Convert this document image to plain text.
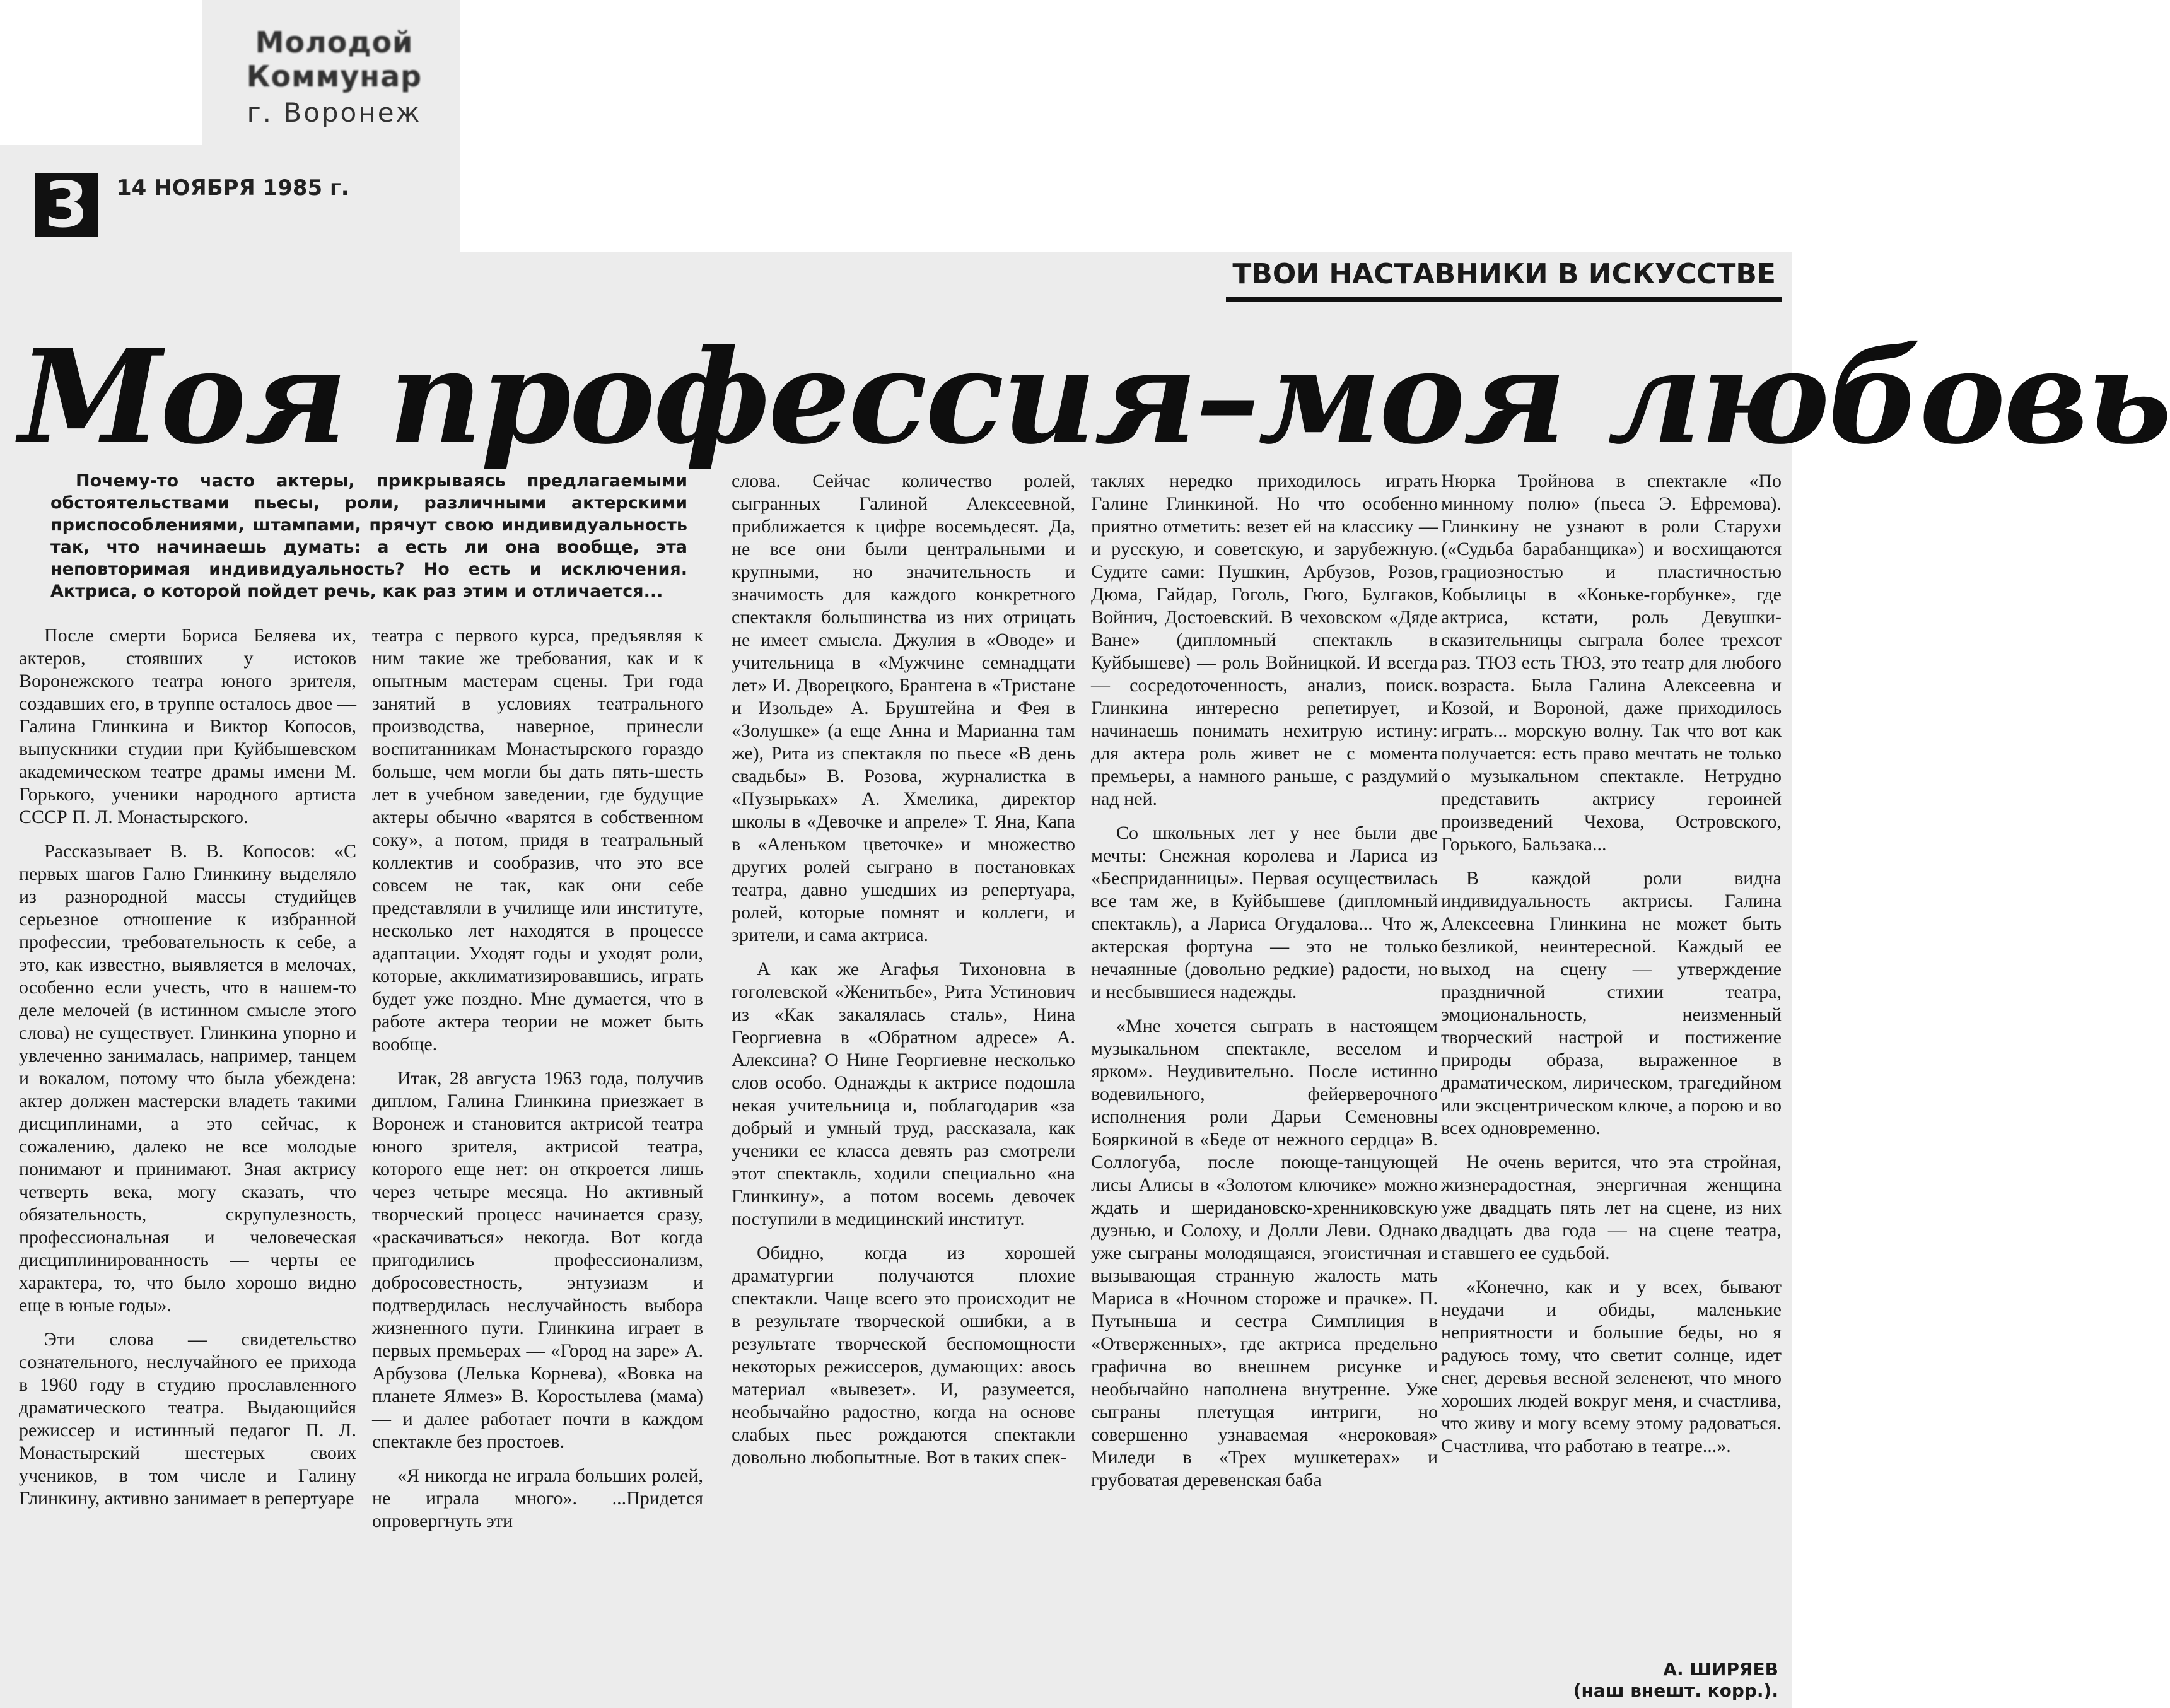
Молодой Коммунар
г. Воронеж
3	14 НОЯБРЯ 1985 г.
ТВОИ НАСТАВНИКИ В ИСКУССТВЕ
Моя профессия–моя любовь
Почему-то часто актеры, прикрываясь предлагаемыми обстоятельствами пьесы, роли, различными актерскими приспособлениями, штампами, прячут свою индивидуальность так, что начинаешь думать: а есть ли она вообще, эта неповторимая индивидуальность? Но есть и исключения. Актриса, о которой пойдет речь, как раз этим и отличается...

После смерти Бориса Беляева их, актеров, стоявших у истоков Воронежского театра юного зрителя, создавших его, в труппе осталось двое — Галина Глинкина и Виктор Копосов, выпускники студии при Куйбышевском академическом театре драмы имени М. Горького, ученики народного артиста СССР П. Л. Монастырского.

Рассказывает В. В. Копосов: «С первых шагов Галю Глинкину выделяло из разнородной массы студийцев серьезное отношение к избранной профессии, требовательность к себе, а это, как известно, выявляется в мелочах, особенно если учесть, что в нашем-то деле мелочей (в истинном смысле этого слова) не существует. Глинкина упорно и увлеченно занималась, например, танцем и вокалом, потому что была убеждена: актер должен мастерски владеть такими дисциплинами, а это сейчас, к сожалению, далеко не все молодые понимают и принимают. Зная актрису четверть века, могу сказать, что обязательность, скрупулезность, профессиональная и человеческая дисциплинированность — черты ее характера, то, что было хорошо видно еще в юные годы».

Эти слова — свидетельство сознательного, неслучайного ее прихода в 1960 году в студию прославленного драматического театра. Выдающийся режиссер и истинный педагог П. Л. Монастырский шестерых своих учеников, в том числе и Галину Глинкину, активно занимает в репертуаре

театра с первого курса, предъявляя к ним такие же требования, как и к опытным мастерам сцены. Три года занятий в условиях театрального производства, наверное, принесли воспитанникам Монастырского гораздо больше, чем могли бы дать пять-шесть лет в учебном заведении, где будущие актеры обычно «варятся в собственном соку», а потом, придя в театральный коллектив и сообразив, что это все совсем не так, как они себе представляли в училище или институте, несколько лет находятся в процессе адаптации. Уходят годы и уходят роли, которые, акклиматизировавшись, играть будет уже поздно. Мне думается, что в работе актера теории не может быть вообще.

Итак, 28 августа 1963 года, получив диплом, Галина Глинкина приезжает в Воронеж и становится актрисой театра юного зрителя, актрисой театра, которого еще нет: он откроется лишь через четыре месяца. Но активный творческий процесс начинается сразу, «раскачиваться» некогда. Вот когда пригодились профессионализм, добросовестность, энтузиазм и подтвердилась неслучайность выбора жизненного пути. Глинкина играет в первых премьерах — «Город на заре» А. Арбузова (Лелька Корнева), «Вовка на планете Ялмез» В. Коростылева (мама) — и далее работает почти в каждом спектакле без простоев.

«Я никогда не играла больших ролей, не играла много». ...Придется опровергнуть эти

слова. Сейчас количество ролей, сыгранных Галиной Алексеевной, приближается к цифре восемьдесят. Да, не все они были центральными и крупными, но значительность и значимость для каждого конкретного спектакля большинства из них отрицать не имеет смысла. Джулия в «Оводе» и учительница в «Мужчине семнадцати лет» И. Дворецкого, Брангена в «Тристане и Изольде» А. Бруштейна и Фея в «Золушке» (а еще Анна и Марианна там же), Рита из спектакля по пьесе «В день свадьбы» В. Розова, журналистка в «Пузырьках» А. Хмелика, директор школы в «Девочке и апреле» Т. Яна, Капа в «Аленьком цветочке» и множество других ролей сыграно в постановках театра, давно ушедших из репертуара, ролей, которые помнят и коллеги, и зрители, и сама актриса.

А как же Агафья Тихоновна в гоголевской «Женитьбе», Рита Устинович из «Как закалялась сталь», Нина Георгиевна в «Обратном адресе» А. Алексина? О Нине Георгиевне несколько слов особо. Однажды к актрисе подошла некая учительница и, поблагодарив «за добрый и умный труд, рассказала, как ученики ее класса девять раз смотрели этот спектакль, ходили специально «на Глинкину», а потом восемь девочек поступили в медицинский институт.

Обидно, когда из хорошей драматургии получаются плохие спектакли. Чаще всего это происходит не в результате творческой ошибки, а в результате творческой беспомощности некоторых режиссеров, думающих: авось материал «вывезет». И, разумеется, необычайно радостно, когда на основе слабых пьес рождаются спектакли довольно любопытные. Вот в таких спек-

таклях нередко приходилось играть Галине Глинкиной. Но что особенно приятно отметить: везет ей на классику — и русскую, и советскую, и зарубежную. Судите сами: Пушкин, Арбузов, Розов, Дюма, Гайдар, Гоголь, Гюго, Булгаков, Войнич, Достоевский. В чеховском «Дяде Ване» (дипломный спектакль в Куйбышеве) — роль Войницкой. И всегда — сосредоточенность, анализ, поиск. Глинкина интересно репетирует, и начинаешь понимать нехитрую истину: для актера роль живет не с момента премьеры, а намного раньше, с раздумий над ней.

Со школьных лет у нее были две мечты: Снежная королева и Лариса из «Бесприданницы». Первая осуществилась все там же, в Куйбышеве (дипломный спектакль), а Лариса Огудалова... Что ж, актерская фортуна — это не только нечаянные (довольно редкие) радости, но и несбывшиеся надежды.

«Мне хочется сыграть в настоящем музыкальном спектакле, веселом и ярком». Неудивительно. После истинно водевильного, фейерверочного исполнения роли Дарьи Семеновны Бояркиной в «Беде от нежного сердца» В. Соллогуба, после поюще-танцующей лисы Алисы в «Золотом ключике» можно ждать и шеридановско-хренниковскую дуэнью, и Солоху, и Долли Леви. Однако уже сыграны молодящаяся, эгоистичная и вызывающая странную жалость мать Мариса в «Ночном стороже и прачке». П. Путыньша и сестра Симплиция в «Отверженных», где актриса предельно графична во внешнем рисунке и необычайно наполнена внутренне. Уже сыграны плетущая интриги, но совершенно узнаваемая «нероковая» Миледи в «Трех мушкетерах» и грубоватая деревенская баба

Нюрка Тройнова в спектакле «По минному полю» (пьеса Э. Ефремова). Глинкину не узнают в роли Старухи («Судьба барабанщика») и восхищаются грациозностью и пластичностью Кобылицы в «Коньке-горбунке», где актриса, кстати, роль Девушки-сказительницы сыграла более трехсот раз. ТЮЗ есть ТЮЗ, это театр для любого возраста. Была Галина Алексеевна и Козой, и Вороной, даже приходилось играть... морскую волну. Так что вот как получается: есть право мечтать не только о музыкальном спектакле. Нетрудно представить актрису героиней произведений Чехова, Островского, Горького, Бальзака...

В каждой роли видна индивидуальность актрисы. Галина Алексеевна Глинкина не может быть безликой, неинтересной. Каждый ее выход на сцену — утверждение праздничной стихии театра, эмоциональность, неизменный творческий настрой и постижение природы образа, выраженное в драматическом, лирическом, трагедийном или эксцентрическом ключе, а порою и во всех одновременно.

Не очень верится, что эта стройная, жизнерадостная, энергичная женщина уже двадцать пять лет на сцене, из них двадцать два года — на сцене театра, ставшего ее судьбой.

«Конечно, как и у всех, бывают неудачи и обиды, маленькие неприятности и большие беды, но я радуюсь тому, что светит солнце, идет снег, деревья весной зеленеют, что много хороших людей вокруг меня, и счастлива, что живу и могу всему этому радоваться. Счастлива, что работаю в театре...».

А. ШИРЯЕВ
(наш внешт. корр.).
